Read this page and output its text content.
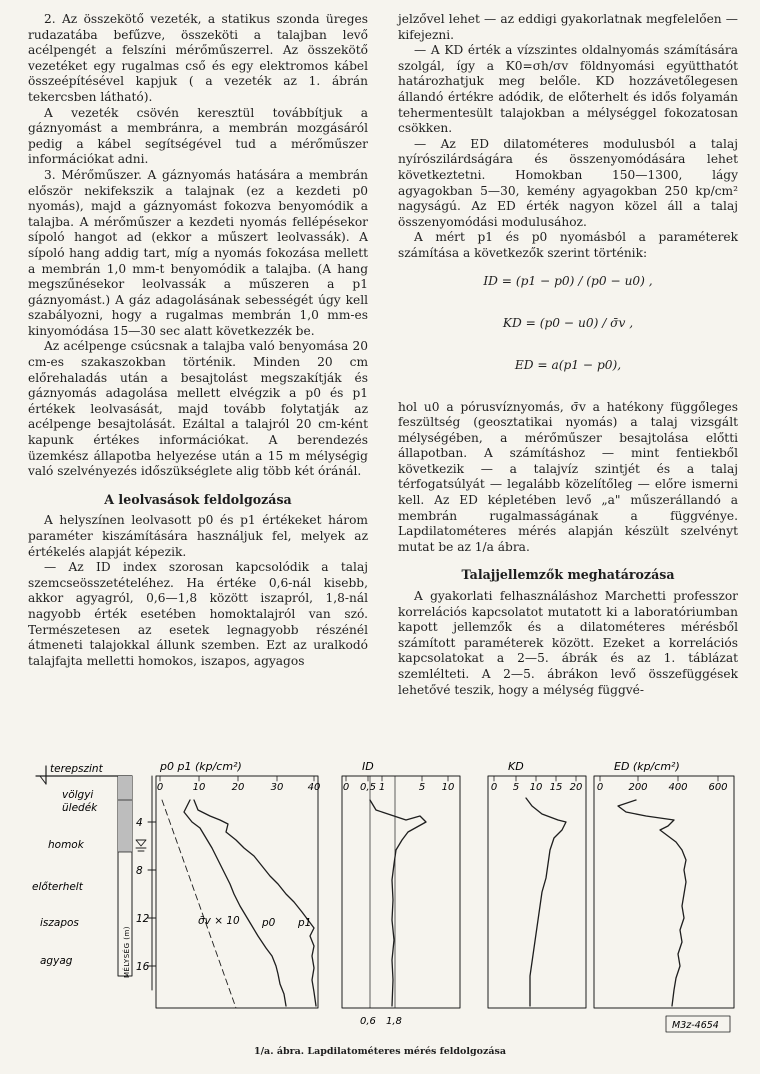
2. Az összekötő vezeték, a statikus szonda üreges rudazatába befűzve, összeköti a talajban levő acélpengét a felszíni mérőműszerrel. Az összekötő vezetéket egy rugalmas cső és egy elektromos kábel összeépítésével kapjuk ( a vezeték az 1. ábrán tekercsben látható).

A vezeték csövén keresztül továbbítjuk a gáznyomást a membránra, a membrán mozgásáról pedig a kábel segítségével tud a mérőműszer információkat adni.

3. Mérőműszer. A gáznyomás hatására a membrán először nekifekszik a talajnak (ez a kezdeti p0 nyomás), majd a gáznyomást fokozva benyomódik a talajba. A mérőműszer a kezdeti nyomás fellépésekor sípoló hangot ad (ekkor a műszert leolvassák). A sípoló hang addig tart, míg a nyomás fokozása mellett a membrán 1,0 mm-t benyomódik a talajba. (A hang megszűnésekor leolvassák a műszeren a p1 gáznyomást.) A gáz adagolásának sebességét úgy kell szabályozni, hogy a rugalmas membrán 1,0 mm-es kinyomódása 15—30 sec alatt következzék be.

Az acélpenge csúcsnak a talajba való benyomása 20 cm-es szakaszokban történik. Minden 20 cm előrehaladás után a besajtolást megszakítják és gáznyomás adagolása mellett elvégzik a p0 és p1 értékek leolvasását, majd tovább folytatják az acélpenge besajtolását. Ezáltal a talajról 20 cm-ként kapunk értékes információkat. A berendezés üzemkész állapotba helyezése után a 15 m mélységig való szelvényezés időszükséglete alig több két óránál.

A leolvasások feldolgozása

A helyszínen leolvasott p0 és p1 értékeket három paraméter kiszámítására használjuk fel, melyek az értékelés alapját képezik.

— Az ID index szorosan kapcsolódik a talaj szemcseösszetételéhez. Ha értéke 0,6-nál kisebb, akkor agyagról, 0,6—1,8 között iszapról, 1,8-nál nagyobb érték esetében homoktalajról van szó. Természetesen az esetek legnagyobb részénél átmeneti talajokkal állunk szemben. Ezt az uralkodó talajfajta melletti homokos, iszapos, agyagos

jelzővel lehet — az eddigi gyakorlatnak megfelelően — kifejezni.

— A KD érték a vízszintes oldalnyomás számítására szolgál, így a K0=σh/σv földnyomási együtthatót határozhatjuk meg belőle. KD hozzávetőlegesen állandó értékre adódik, de előterhelt és idős folyamán tehermentesült talajokban a mélységgel fokozatosan csökken.

— Az ED dilatométeres modulusból a talaj nyírószilárdságára és összenyomódására lehet következtetni. Homokban 150—1300, lágy agyagokban 5—30, kemény agyagokban 250 kp/cm² nagyságú. Az ED érték nagyon közel áll a talaj összenyomódási modulusához.

A mért p1 és p0 nyomásból a paraméterek számítása a következők szerint történik:

ID = (p1 − p0) / (p0 − u0) ,

KD = (p0 − u0) / σ̄v ,

ED = a(p1 − p0),

hol u0 a pórusvíznyomás, σ̄v a hatékony függőleges feszültség (geosztatikai nyomás) a talaj vizsgált mélységében, a mérőműszer besajtolása előtti állapotban. A számításhoz — mint fentiekből következik — a talajvíz szintjét és a talaj térfogatsúlyát — legalább közelítőleg — előre ismerni kell. Az ED képletében levő „a" műszerállandó a membrán rugalmasságának a függvénye. Lapdilatométeres mérés alapján készült szelvényt mutat be az 1/a ábra.

Talajjellemzők meghatározása

A gyakorlati felhasználáshoz Marchetti professzor korrelációs kapcsolatot mutatott ki a laboratóriumban kapott jellemzők és a dilatométeres mérésből számított paraméterek között. Ezeket a korrelációs kapcsolatokat a 2—5. ábrák és az 1. táblázat szemlélteti. A 2—5. ábrákon levő összefüggések lehetővé teszik, hogy a mélység függvé-

terepszint
völgyi
üledék
homok
előterhelt
iszapos
agyag	MÉLYSÉG (m)
4
8
12
16
p0 p1 (kp/cm²)
0	10	20	30 40
σ̄v × 10 p0 p1
ID
0 0,5 1	5 10
0,6 1,8
KD
0 5 10 15 20
ED (kp/cm²)
0	200 400 600
M3z-4654
1/a. ábra. Lapdilatométeres mérés feldolgozása
